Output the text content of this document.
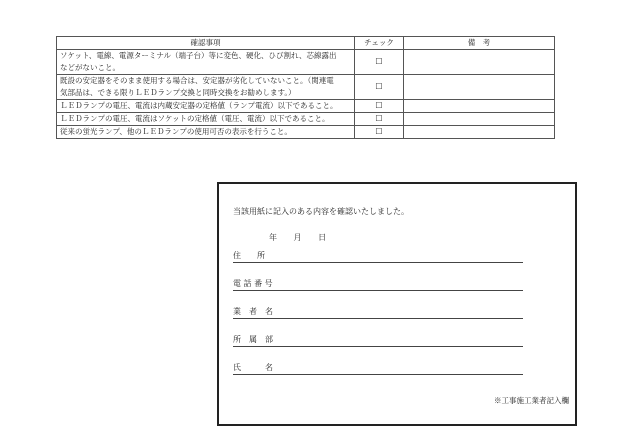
確認事項	チェック	備　考

ソケット、電線、電源ターミナル（端子台）等に変色、硬化、ひび割れ、芯線露出
などがないこと。	☐	

既設の安定器をそのまま使用する場合は、安定器が劣化していないこと。（関連電
気部品は、できる限りＬＥＤランプ交換と同時交換をお勧めします。）	☐	

ＬＥＤランプの電圧、電流は内蔵安定器の定格値（ランプ電流）以下であること。	☐	

ＬＥＤランプの電圧、電流はソケットの定格値（電圧、電流）以下であること。	☐	

従来の蛍光ランプ、他のＬＥＤランプの使用可否の表示を行うこと。	☐	
当該用紙に記入のある内容を確認いたしました。
年 月 日
住　　所
電 話 番 号
業　者　名
所　属　部
氏　　　名
※工事施工業者記入欄
